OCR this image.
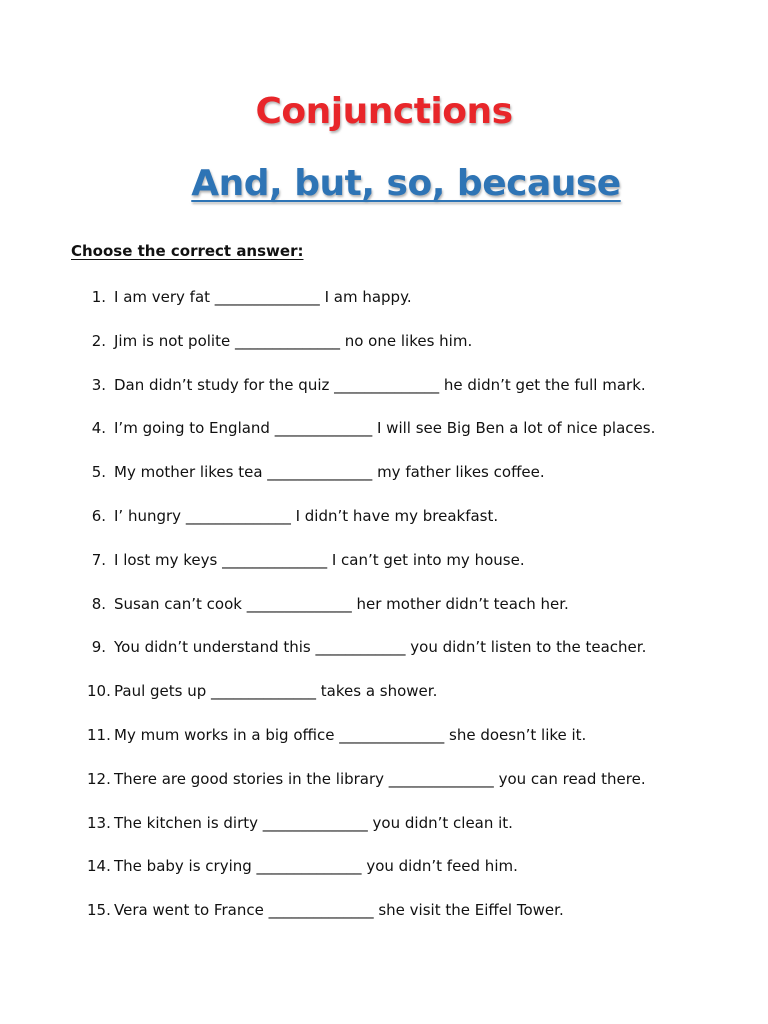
Conjunctions
And, but, so, because
Choose the correct answer:
1. I am very fat ______________ I am happy.
2. Jim is not polite ______________ no one likes him.
3. Dan didn’t study for the quiz ______________ he didn’t get the full mark.
4. I’m going to England _____________ I will see Big Ben a lot of nice places.
5. My mother likes tea ______________ my father likes coffee.
6. I’ hungry ______________ I didn’t have my breakfast.
7. I lost my keys ______________ I can’t get into my house.
8. Susan can’t cook ______________ her mother didn’t teach her.
9. You didn’t understand this ____________ you didn’t listen to the teacher.
10. Paul gets up ______________ takes a shower.
11. My mum works in a big office ______________ she doesn’t like it.
12. There are good stories in the library ______________ you can read there.
13. The kitchen is dirty ______________ you didn’t clean it.
14. The baby is crying ______________ you didn’t feed him.
15. Vera went to France ______________ she visit the Eiffel Tower.
